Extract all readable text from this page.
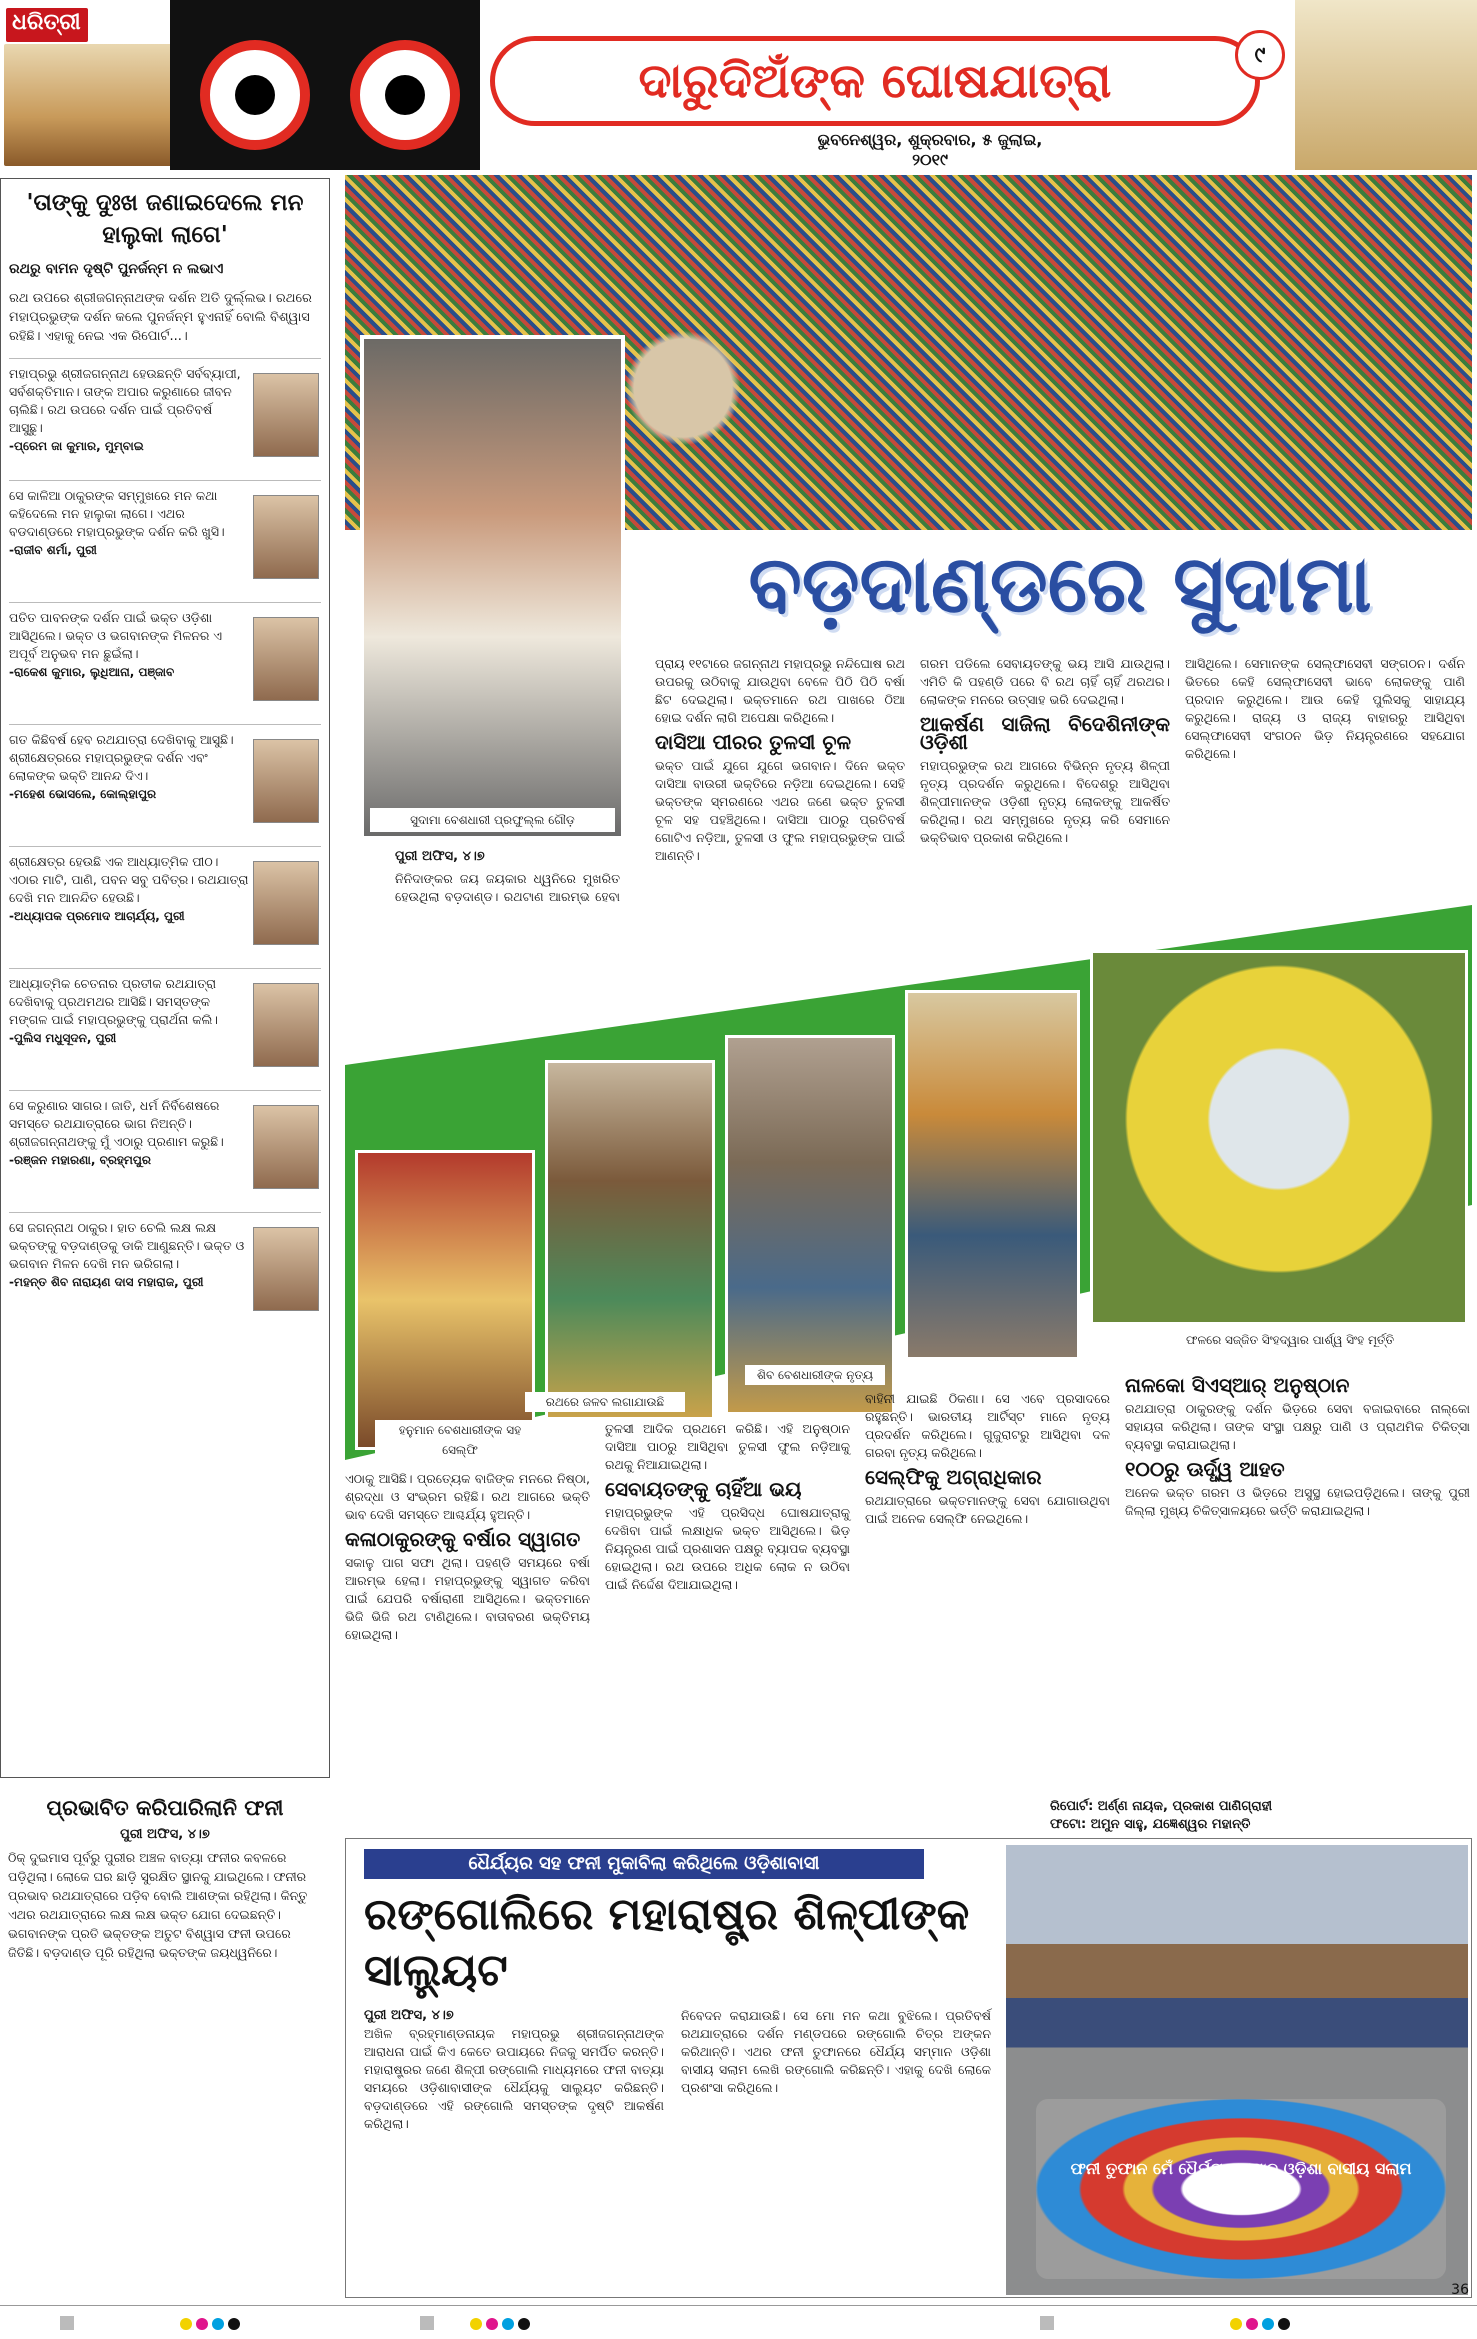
ଧରିତ୍ରୀ
ଦାରୁଦିଅଁଙ୍କ ଘୋଷଯାତ୍ରା	୯
ଭୁବନେଶ୍ୱର, ଶୁକ୍ରବାର, ୫ ଜୁଲାଇ, ୨୦୧୯
'ତାଙ୍କୁ ଦୁଃଖ ଜଣାଇଦେଲେ ମନ ହାଲୁକା ଲାଗେ'
ରଥରୁ ବାମନ ଦୃଷ୍ଟି ପୁନର୍ଜନ୍ମ ନ ଲଭାଏ
ରଥ ଉପରେ ଶ୍ରୀଜଗନ୍ନାଥଙ୍କ ଦର୍ଶନ ଅତି ଦୁର୍ଲ୍ଲଭ। ରଥରେ ମହାପ୍ରଭୁଙ୍କ ଦର୍ଶନ କଲେ ପୁନର୍ଜନ୍ମ ହୁଏନାହିଁ ବୋଲି ବିଶ୍ୱାସ ରହିଛି। ଏହାକୁ ନେଇ ଏକ ରିପୋର୍ଟ...।
ମହାପ୍ରଭୁ ଶ୍ରୀଜଗନ୍ନାଥ ହେଉଛନ୍ତି ସର୍ବବ୍ୟାପୀ, ସର୍ବଶକ୍ତିମାନ। ତାଙ୍କ ଅପାର କରୁଣାରେ ଜୀବନ ଚାଲିଛି। ରଥ ଉପରେ ଦର୍ଶନ ପାଇଁ ପ୍ରତିବର୍ଷ ଆସୁଛୁ।
-ପ୍ରେମ ଜା କୁମାର, ମୁମ୍ବାଇ
ସେ କାଳିଆ ଠାକୁରଙ୍କ ସମ୍ମୁଖରେ ମନ କଥା କହିଦେଲେ ମନ ହାଲୁକା ଲାଗେ। ଏଥର ବଡଦାଣ୍ଡରେ ମହାପ୍ରଭୁଙ୍କ ଦର୍ଶନ କରି ଖୁସି।
-ରାଜୀବ ଶର୍ମା, ପୁରୀ
ପତିତ ପାବନଙ୍କ ଦର୍ଶନ ପାଇଁ ଭକ୍ତ ଓଡ଼ିଶା ଆସିଥିଲେ। ଭକ୍ତ ଓ ଭଗବାନଙ୍କ ମିଳନର ଏ ଅପୂର୍ବ ଅନୁଭବ ମନ ଛୁଇଁଲା।
-ରାକେଶ କୁମାର, ଲୁଧିଆନା, ପଞ୍ଜାବ
ଗତ କିଛିବର୍ଷ ହେବ ରଥଯାତ୍ରା ଦେଖିବାକୁ ଆସୁଛି। ଶ୍ରୀକ୍ଷେତ୍ରରେ ମହାପ୍ରଭୁଙ୍କ ଦର୍ଶନ ଏବଂ ଲୋକଙ୍କ ଭକ୍ତି ଆନନ୍ଦ ଦିଏ।
-ମହେଶ ଭୋସଲେ, କୋଲ୍ହାପୁର
ଶ୍ରୀକ୍ଷେତ୍ର ହେଉଛି ଏକ ଆଧ୍ୟାତ୍ମିକ ପୀଠ। ଏଠାର ମାଟି, ପାଣି, ପବନ ସବୁ ପବିତ୍ର। ରଥଯାତ୍ରା ଦେଖି ମନ ଆନନ୍ଦିତ ହେଉଛି।
-ଅଧ୍ୟାପକ ପ୍ରମୋଦ ଆଚାର୍ଯ୍ୟ, ପୁରୀ
ଆଧ୍ୟାତ୍ମିକ ଚେତନାର ପ୍ରତୀକ ରଥଯାତ୍ରା ଦେଖିବାକୁ ପ୍ରଥମଥର ଆସିଛି। ସମସ୍ତଙ୍କ ମଙ୍ଗଳ ପାଇଁ ମହାପ୍ରଭୁଙ୍କୁ ପ୍ରାର୍ଥନା କଲି।
-ପୁଲିସ ମଧୁସୂଦନ, ପୁରୀ
ସେ କରୁଣାର ସାଗର। ଜାତି, ଧର୍ମ ନିର୍ବିଶେଷରେ ସମସ୍ତେ ରଥଯାତ୍ରାରେ ଭାଗ ନିଅନ୍ତି। ଶ୍ରୀଜଗନ୍ନାଥଙ୍କୁ ମୁଁ ଏଠାରୁ ପ୍ରଣାମ କରୁଛି।
-ରଞ୍ଜନ ମହାରଣା, ବ୍ରହ୍ମପୁର
ସେ ଜଗନ୍ନାଥ ଠାକୁର। ହାତ ଚେଲି ଲକ୍ଷ ଲକ୍ଷ ଭକ୍ତଙ୍କୁ ବଡ଼ଦାଣ୍ଡକୁ ଡାକି ଆଣୁଛନ୍ତି। ଭକ୍ତ ଓ ଭଗବାନ ମିଳନ ଦେଖି ମନ ଭରିଗଲା।
-ମହନ୍ତ ଶିବ ନାରାୟଣ ଦାସ ମହାରାଜ, ପୁରୀ
ପ୍ରଭାବିତ କରିପାରିଲାନି ଫନୀ
ପୁରୀ ଅଫିସ, ୪।୭
ଠିକ୍ ଦୁଇମାସ ପୂର୍ବରୁ ପୁରୀର ଅଞ୍ଚଳ ବାତ୍ୟା ଫନୀର କବଳରେ ପଡ଼ିଥିଲା। ଲୋକେ ଘର ଛାଡ଼ି ସୁରକ୍ଷିତ ସ୍ଥାନକୁ ଯାଇଥିଲେ। ଫନୀର ପ୍ରଭାବ ରଥଯାତ୍ରାରେ ପଡ଼ିବ ବୋଲି ଆଶଙ୍କା ରହିଥିଲା। କିନ୍ତୁ ଏଥର ରଥଯାତ୍ରାରେ ଲକ୍ଷ ଲକ୍ଷ ଭକ୍ତ ଯୋଗ ଦେଇଛନ୍ତି। ଭଗବାନଙ୍କ ପ୍ରତି ଭକ୍ତଙ୍କ ଅତୁଟ ବିଶ୍ୱାସ ଫନୀ ଉପରେ ଜିତିଛି। ବଡ଼ଦାଣ୍ଡ ପୂରି ରହିଥିଲା ଭକ୍ତଙ୍କ ଜୟଧ୍ୱନିରେ।
ସୁଦାମା ବେଶଧାରୀ ପ୍ରଫୁଲ୍ଲ ଗୌଡ଼
ବଡ଼ଦାଣ୍ଡରେ ସୁଦାମା
ପୁରୀ ଅଫିସ, ୪।୭
ନିନିଦାଙ୍କର ଜୟ ଜୟକାର ଧ୍ୱନିରେ ମୁଖରିତ ହେଉଥିଲା ବଡ଼ଦାଣ୍ଡ। ରଥଟାଣ ଆରମ୍ଭ ହେବା
ପ୍ରାୟ ୧୧ଟାରେ ଜଗନ୍ନାଥ ମହାପ୍ରଭୁ ନନ୍ଦିଘୋଷ ରଥ ଉପରକୁ ଉଠିବାକୁ ଯାଉଥିବା ବେଳେ ପିଠି ପିଠି ବର୍ଷା ଛିଟ ଦେଇଥିଲା। ଭକ୍ତମାନେ ରଥ ପାଖରେ ଠିଆ ହୋଇ ଦର୍ଶନ ଲାଗି ଅପେକ୍ଷା କରିଥିଲେ।
ଦାସିଆ ପୀରର ତୁଳସୀ ଚୂଳ
ଭକ୍ତ ପାଇଁ ଯୁଗେ ଯୁଗେ ଭଗବାନ। ଦିନେ ଭକ୍ତ ଦାସିଆ ବାଉରୀ ଭକ୍ତିରେ ନଡ଼ିଆ ଦେଇଥିଲେ। ସେହି ଭକ୍ତଙ୍କ ସ୍ମରଣରେ ଏଥର ଜଣେ ଭକ୍ତ ତୁଳସୀ ଚୂଳ ସହ ପହଞ୍ଚିଥିଲେ। ଦାସିଆ ପାଠରୁ ପ୍ରତିବର୍ଷ ଗୋଟିଏ ନଡ଼ିଆ, ତୁଳସୀ ଓ ଫୁଲ ମହାପ୍ରଭୁଙ୍କ ପାଇଁ ଆଣନ୍ତି।
ଗରମ ପଡିଲେ ସେବାୟତଙ୍କୁ ଭୟ ଆସି ଯାଉଥିଲା। ଏମିତି କି ପହଣ୍ଡି ପରେ ବି ରଥ ଚାହିଁ ଚାହିଁ ଥରଥର। ଲୋକଙ୍କ ମନରେ ଉତ୍ସାହ ଭରି ଦେଇଥିଲା।
ଆକର୍ଷଣ ସାଜିଲା ବିଦେଶିନୀଙ୍କ ଓଡ଼ିଶୀ
ମହାପ୍ରଭୁଙ୍କ ରଥ ଆଗରେ ବିଭିନ୍ନ ନୃତ୍ୟ ଶିଳ୍ପୀ ନୃତ୍ୟ ପ୍ରଦର୍ଶନ କରୁଥିଲେ। ବିଦେଶରୁ ଆସିଥିବା ଶିଳ୍ପୀମାନଙ୍କ ଓଡ଼ିଶୀ ନୃତ୍ୟ ଲୋକଙ୍କୁ ଆକର୍ଷିତ କରିଥିଲା। ରଥ ସମ୍ମୁଖରେ ନୃତ୍ୟ କରି ସେମାନେ ଭକ୍ତିଭାବ ପ୍ରକାଶ କରିଥିଲେ।
ଆସିଥିଲେ। ସେମାନଙ୍କ ସେଲ୍ଫାସେବୀ ସଙ୍ଗଠନ। ଦର୍ଶନ ଭିତରେ କେହି ସେଲ୍ଫାସେବୀ ଭାବେ ଲୋକଙ୍କୁ ପାଣି ପ୍ରଦାନ କରୁଥିଲେ। ଆଉ କେହି ପୁଲିସକୁ ସାହାଯ୍ୟ କରୁଥିଲେ। ରାଜ୍ୟ ଓ ରାଜ୍ୟ ବାହାରରୁ ଆସିଥିବା ସେଲ୍ଫାସେବୀ ସଂଗଠନ ଭିଡ଼ ନିୟନ୍ତ୍ରଣରେ ସହଯୋଗ କରିଥିଲେ।
ହନୁମାନ ବେଶଧାରୀଙ୍କ ସହ ସେଲ୍ଫି
ରଥରେ ଜଳବ ଲଗାଯାଉଛି
ଶିବ ବେଶଧାରୀଙ୍କ ନୃତ୍ୟ
ଫଳରେ ସଜ୍ଜିତ ସିଂହଦ୍ୱାର ପାର୍ଶ୍ୱ ସିଂହ ମୂର୍ତ୍ତି
ଏଠାକୁ ଆସିଛି। ପ୍ରତ୍ୟେକ ବାଜିଙ୍କ ମନରେ ନିଷ୍ଠା, ଶ୍ରଦ୍ଧା ଓ ସଂଭ୍ରମ ରହିଛି। ରଥ ଆଗରେ ଭକ୍ତି ଭାବ ଦେଖି ସମସ୍ତେ ଆଶ୍ଚର୍ଯ୍ୟ ହୁଅନ୍ତି।
କଳାଠାକୁରଙ୍କୁ ବର୍ଷାର ସ୍ୱାଗତ
ସକାଳୁ ପାଗ ସଫା ଥିଲା। ପହଣ୍ଡି ସମୟରେ ବର୍ଷା ଆରମ୍ଭ ହେଲା। ମହାପ୍ରଭୁଙ୍କୁ ସ୍ୱାଗତ କରିବା ପାଇଁ ଯେପରି ବର୍ଷାରାଣୀ ଆସିଥିଲେ। ଭକ୍ତମାନେ ଭିଜି ଭିଜି ରଥ ଟାଣିଥିଲେ। ବାତାବରଣ ଭକ୍ତିମୟ ହୋଇଥିଲା।
ତୁଳସୀ ଆଦିକ ପ୍ରଥମେ କରିଛି। ଏହି ଅନୁଷ୍ଠାନ ଦାସିଆ ପାଠରୁ ଆସିଥିବା ତୁଳସୀ ଫୁଲ ନଡ଼ିଆକୁ ରଥକୁ ନିଆଯାଇଥିଲା।
ସେବାୟତଙ୍କୁ ଚାହିଁଆ ଭୟ
ମହାପ୍ରଭୁଙ୍କ ଏହି ପ୍ରସିଦ୍ଧ ଘୋଷଯାତ୍ରାକୁ ଦେଖିବା ପାଇଁ ଲକ୍ଷାଧିକ ଭକ୍ତ ଆସିଥିଲେ। ଭିଡ଼ ନିୟନ୍ତ୍ରଣ ପାଇଁ ପ୍ରଶାସନ ପକ୍ଷରୁ ବ୍ୟାପକ ବ୍ୟବସ୍ଥା ହୋଇଥିଲା। ରଥ ଉପରେ ଅଧିକ ଲୋକ ନ ଉଠିବା ପାଇଁ ନିର୍ଦ୍ଦେଶ ଦିଆଯାଇଥିଲା।
ବାହିନୀ ଯାଇଛି ଠିକଣା। ସେ ଏବେ ପ୍ରସାଦରେ ରହୁଛନ୍ତି। ଭାରତୀୟ ଆର୍ଟିସ୍ଟ ମାନେ ନୃତ୍ୟ ପ୍ରଦର୍ଶନ କରିଥିଲେ। ଗୁଜୁରାଟରୁ ଆସିଥିବା ଦଳ ଗରବା ନୃତ୍ୟ କରିଥିଲେ।
ସେଲ୍ଫିକୁ ଅଗ୍ରାଧିକାର
ରଥଯାତ୍ରାରେ ଭକ୍ତମାନଙ୍କୁ ସେବା ଯୋଗାଉଥିବା ପାଇଁ ଅନେକ ସେଲ୍ଫି ନେଇଥିଲେ।
ନାଳକୋ ସିଏସ୍‌ଆର୍ ଅନୁଷ୍ଠାନ
ରଥଯାତ୍ରା ଠାକୁରଙ୍କୁ ଦର୍ଶନ ଭିଡ଼ରେ ସେବା ବଜାଇବାରେ ନାଲ୍‌କୋ ସହାୟତା କରିଥିଲା। ତାଙ୍କ ସଂସ୍ଥା ପକ୍ଷରୁ ପାଣି ଓ ପ୍ରାଥମିକ ଚିକିତ୍ସା ବ୍ୟବସ୍ଥା କରାଯାଇଥିଲା।
୧୦୦ରୁ ଊର୍ଦ୍ଧ୍ୱ ଆହତ
ଅନେକ ଭକ୍ତ ଗରମ ଓ ଭିଡ଼ରେ ଅସୁସ୍ଥ ହୋଇପଡ଼ିଥିଲେ। ତାଙ୍କୁ ପୁରୀ ଜିଲ୍ଲା ମୁଖ୍ୟ ଚିକିତ୍ସାଳୟରେ ଭର୍ତ୍ତି କରାଯାଇଥିଲା।
ରିପୋର୍ଟ: ଅର୍ଣ୍ଣ ନାୟକ, ପ୍ରକାଶ ପାଣିଗ୍ରାହୀ
ଫଟୋ: ଅମୁନ ସାହୁ, ଯଜ୍ଞେଶ୍ୱର ମହାନ୍ତି
ଧୈର୍ଯ୍ୟର ସହ ଫନୀ ମୁକାବିଲା କରିଥିଲେ ଓଡ଼ିଶାବାସୀ
ରଙ୍ଗୋଲିରେ ମହାରାଷ୍ଟ୍ର ଶିଳ୍ପୀଙ୍କ ସାଲ୍ୟୁଟ
ପୁରୀ ଅଫିସ, ୪।୭
ଅଖିଳ ବ୍ରହ୍ମାଣ୍ଡନାୟକ ମହାପ୍ରଭୁ ଶ୍ରୀଜଗନ୍ନାଥଙ୍କ ଆରାଧନା ପାଇଁ କିଏ କେତେ ଉପାୟରେ ନିଜକୁ ସମର୍ପିତ କରନ୍ତି। ମହାରାଷ୍ଟ୍ରର ଜଣେ ଶିଳ୍ପୀ ରଙ୍ଗୋଲି ମାଧ୍ୟମରେ ଫନୀ ବାତ୍ୟା ସମୟରେ ଓଡ଼ିଶାବାସୀଙ୍କ ଧୈର୍ଯ୍ୟକୁ ସାଲ୍ୟୁଟ କରିଛନ୍ତି। ବଡ଼ଦାଣ୍ଡରେ ଏହି ରଙ୍ଗୋଲି ସମସ୍ତଙ୍କ ଦୃଷ୍ଟି ଆକର୍ଷଣ କରିଥିଲା।
ନିବେଦନ କରାଯାଉଛି। ସେ ମୋ ମନ କଥା ବୁଝିଲେ। ପ୍ରତିବର୍ଷ ରଥଯାତ୍ରାରେ ଦର୍ଶନ ମଣ୍ଡପରେ ରଙ୍ଗୋଲି ଚିତ୍ର ଅଙ୍କନ କରିଥାନ୍ତି। ଏଥର ଫନୀ ତୁଫାନରେ ଧୈର୍ଯ୍ୟ ସମ୍ମାନ ଓଡ଼ିଶା ବାସୀୟ ସଲାମ ଲେଖି ରଙ୍ଗୋଲି କରିଛନ୍ତି। ଏହାକୁ ଦେଖି ଲୋକେ ପ୍ରଶଂସା କରିଥିଲେ।
ଫନୀ ତୁଫାନ ମେଁ ଧୈର୍ଯ୍ୟ ସମ୍ମାନ ଓଡ଼ିଶା ବାସୀୟ ସଲାମ
36
